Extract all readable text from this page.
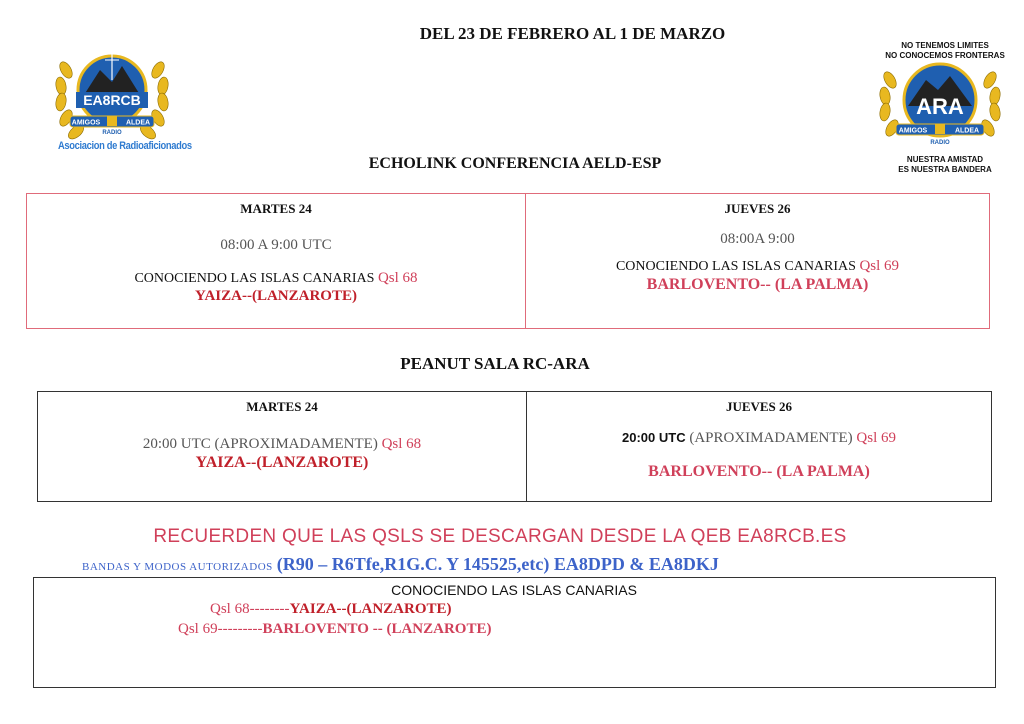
DEL 23 DE FEBRERO AL 1 DE MARZO
EA8RCB
AMIGOS	ALDEA
RADIO
Asociacion de Radioaficionados
NO TENEMOS LIMITES
NO CONOCEMOS FRONTERAS
ARA
AMIGOS	ALDEA
RADIO
NUESTRA AMISTAD
ES NUESTRA BANDERA
ECHOLINK CONFERENCIA AELD-ESP
MARTES 24
08:00 A 9:00 UTC
CONOCIENDO LAS ISLAS CANARIAS Qsl 68
YAIZA--(LANZAROTE)
JUEVES 26
08:00A 9:00
CONOCIENDO LAS ISLAS CANARIAS Qsl 69
BARLOVENTO-- (LA PALMA)
PEANUT SALA RC-ARA
MARTES 24
20:00 UTC (APROXIMADAMENTE) Qsl 68
YAIZA--(LANZAROTE)
JUEVES 26
20:00 UTC (APROXIMADAMENTE) Qsl 69
BARLOVENTO-- (LA PALMA)
RECUERDEN QUE LAS QSLS SE DESCARGAN DESDE LA QEB EA8RCB.ES
BANDAS Y MODOS AUTORIZADOS (R90 – R6Tfe,R1G.C. Y 145525,etc) EA8DPD & EA8DKJ
CONOCIENDO LAS ISLAS CANARIAS
Qsl 68--------YAIZA--(LANZAROTE)
Qsl 69---------BARLOVENTO -- (LANZAROTE)
